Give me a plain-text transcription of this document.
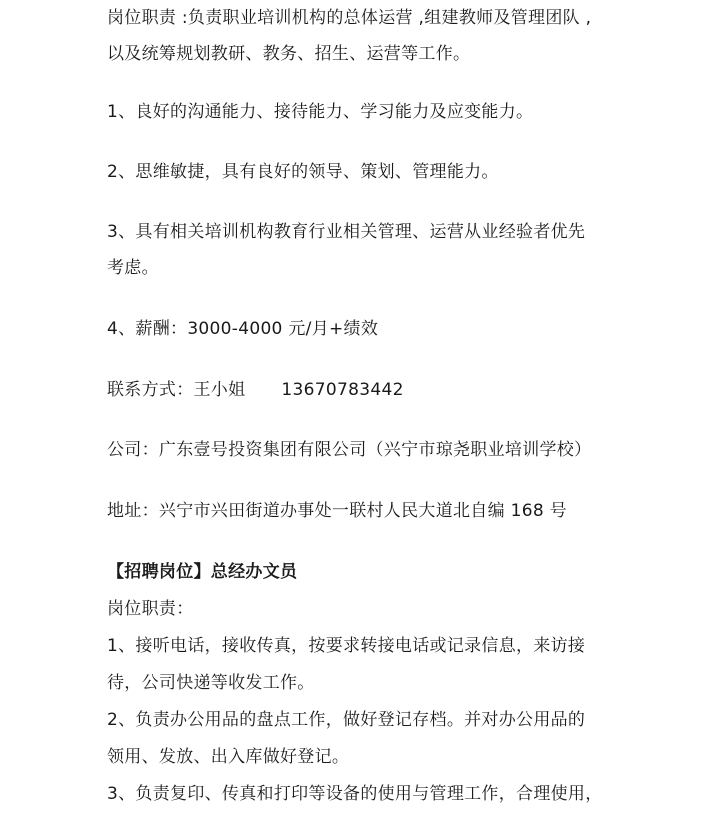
岗位职责 :负责职业培训机构的总体运营 ,组建教师及管理团队 ,
以及统筹规划教研、教务、招生、运营等工作。
1、良好的沟通能力、接待能力、学习能力及应变能力。
2、思维敏捷，具有良好的领导、策划、管理能力。
3、具有相关培训机构教育行业相关管理、运营从业经验者优先
考虑。
4、薪酬：3000-4000 元/月+绩效
联系方式：王小姐 13670783442
公司：广东壹号投资集团有限公司（兴宁市琼尧职业培训学校）
地址：兴宁市兴田街道办事处一联村人民大道北自编 168 号
【招聘岗位】总经办文员
岗位职责：
1、接听电话，接收传真，按要求转接电话或记录信息，来访接
待，公司快递等收发工作。
2、负责办公用品的盘点工作，做好登记存档。并对办公用品的
领用、发放、出入库做好登记。
3、负责复印、传真和打印等设备的使用与管理工作，合理使用，
